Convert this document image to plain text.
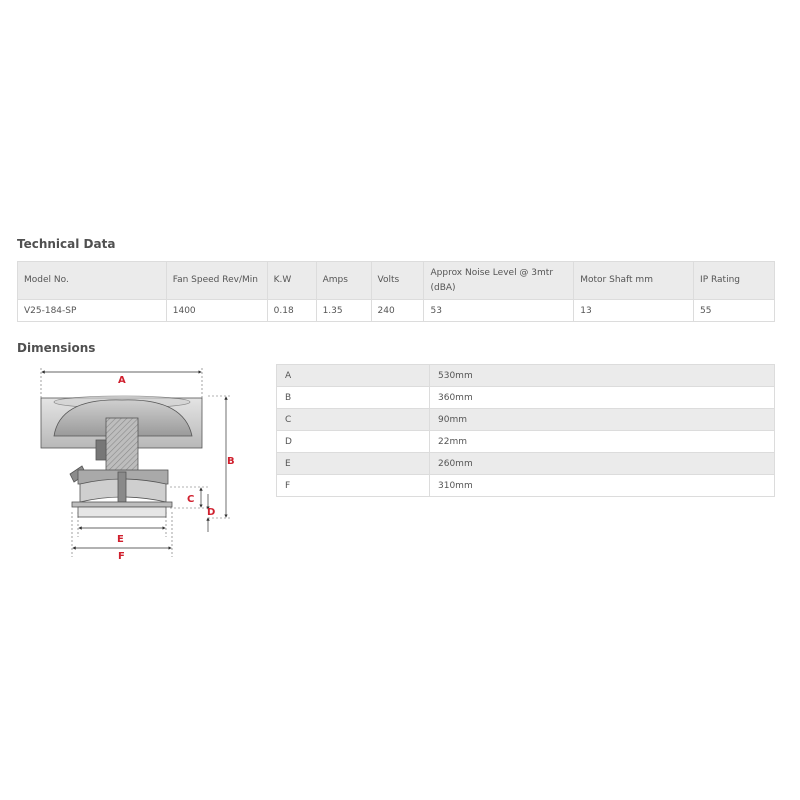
Technical Data
Model No.	Fan Speed Rev/Min	K.W	Amps	Volts	Approx Noise Level @ 3mtr (dBA)	Motor Shaft mm	IP Rating
V25-184-SP	1400	0.18	1.35	240	53	13	55
Dimensions
A
B
C
D
E
F
A	530mm
B	360mm
C	90mm
D	22mm
E	260mm
F	310mm
